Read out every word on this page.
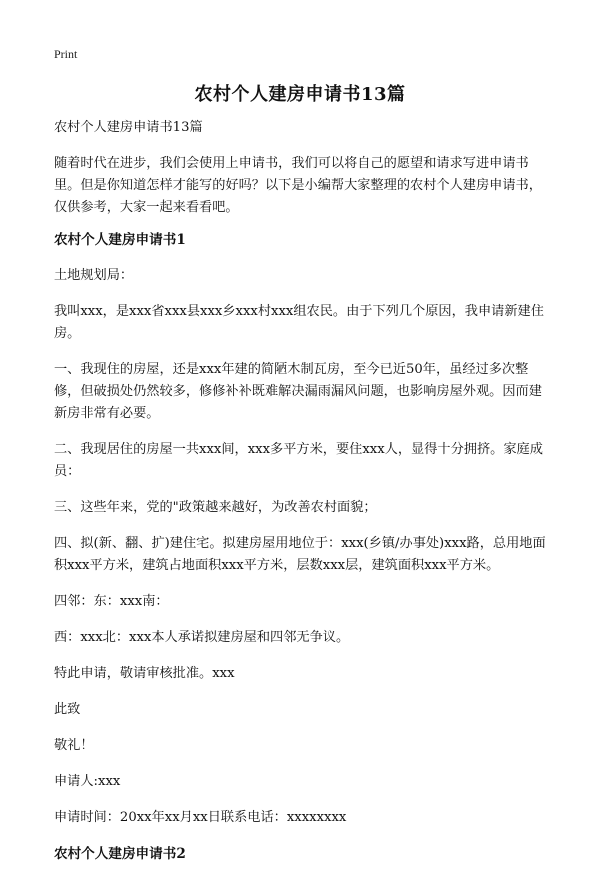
Print
农村个人建房申请书13篇

农村个人建房申请书13篇

随着时代在进步，我们会使用上申请书，我们可以将自己的愿望和请求写进申请书里。但是你知道怎样才能写的好吗？以下是小编帮大家整理的农村个人建房申请书，仅供参考，大家一起来看看吧。

农村个人建房申请书1

土地规划局：

我叫xxx，是xxx省xxx县xxx乡xxx村xxx组农民。由于下列几个原因，我申请新建住房。

一、我现住的房屋，还是xxx年建的简陋木制瓦房，至今已近50年，虽经过多次整修，但破损处仍然较多，修修补补既难解决漏雨漏风问题，也影响房屋外观。因而建新房非常有必要。

二、我现居住的房屋一共xxx间，xxx多平方米，要住xxx人，显得十分拥挤。家庭成员：

三、这些年来，党的"政策越来越好，为改善农村面貌；

四、拟(新、翻、扩)建住宅。拟建房屋用地位于：xxx(乡镇/办事处)xxx路，总用地面积xxx平方米，建筑占地面积xxx平方米，层数xxx层，建筑面积xxx平方米。

四邻：东：xxx南：

西：xxx北：xxx本人承诺拟建房屋和四邻无争议。

特此申请，敬请审核批准。xxx

此致

敬礼！

申请人:xxx

申请时间：20xx年xx月xx日联系电话：xxxxxxxx

农村个人建房申请书2
